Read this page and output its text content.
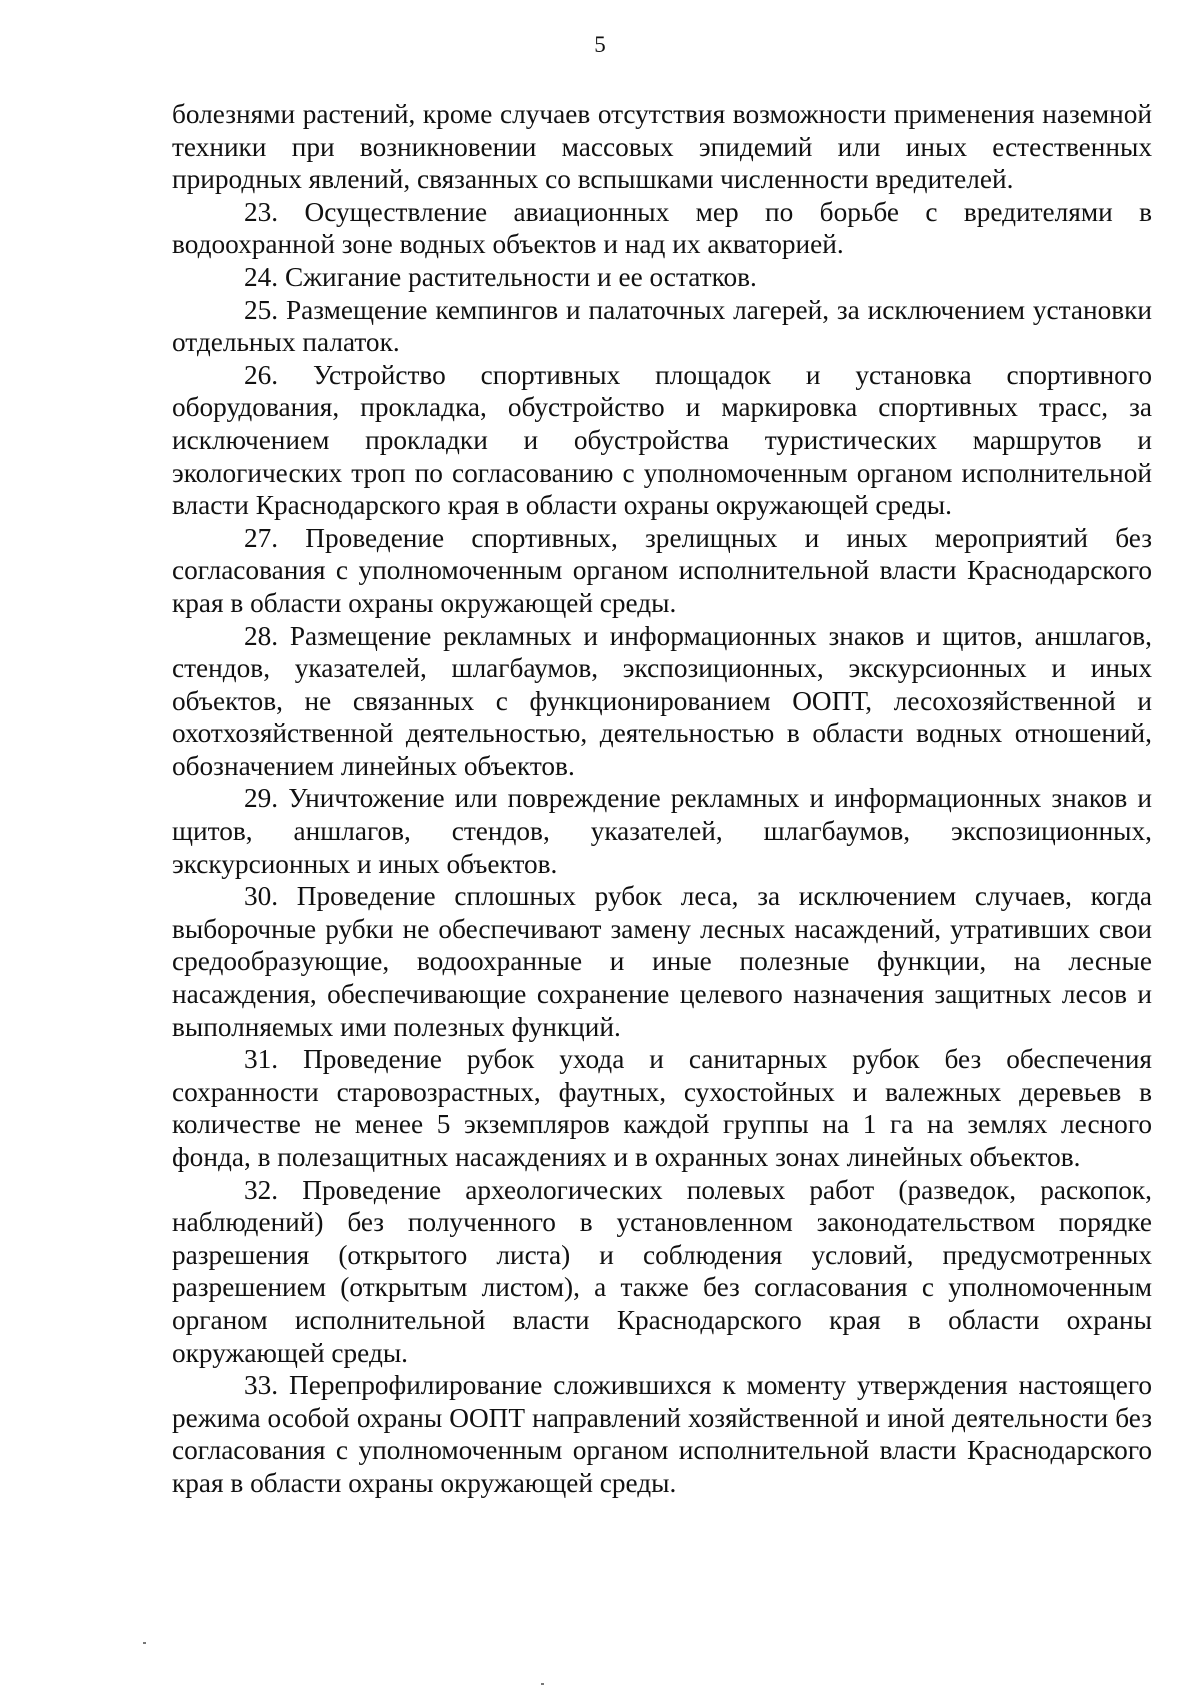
5

болезнями растений, кроме случаев отсутствия возможности применения наземной техники при возникновении массовых эпидемий или иных естественных природных явлений, связанных со вспышками численности вредителей.

23. Осуществление авиационных мер по борьбе с вредителями в водоохранной зоне водных объектов и над их акваторией.

24. Сжигание растительности и ее остатков.

25. Размещение кемпингов и палаточных лагерей, за исключением установки отдельных палаток.

26. Устройство спортивных площадок и установка спортивного оборудования, прокладка, обустройство и маркировка спортивных трасс, за исключением прокладки и обустройства туристических маршрутов и экологических троп по согласованию с уполномоченным органом исполнительной власти Краснодарского края в области охраны окружающей среды.

27. Проведение спортивных, зрелищных и иных мероприятий без согласования с уполномоченным органом исполнительной власти Краснодарского края в области охраны окружающей среды.

28. Размещение рекламных и информационных знаков и щитов, аншлагов, стендов, указателей, шлагбаумов, экспозиционных, экскурсионных и иных объектов, не связанных с функционированием ООПТ, лесохозяйственной и охотхозяйственной деятельностью, деятельностью в области водных отношений, обозначением линейных объектов.

29. Уничтожение или повреждение рекламных и информационных знаков и щитов, аншлагов, стендов, указателей, шлагбаумов, экспозиционных, экскурсионных и иных объектов.

30. Проведение сплошных рубок леса, за исключением случаев, когда выборочные рубки не обеспечивают замену лесных насаждений, утративших свои средообразующие, водоохранные и иные полезные функции, на лесные насаждения, обеспечивающие сохранение целевого назначения защитных лесов и выполняемых ими полезных функций.

31. Проведение рубок ухода и санитарных рубок без обеспечения сохранности старовозрастных, фаутных, сухостойных и валежных деревьев в количестве не менее 5 экземпляров каждой группы на 1 га на землях лесного фонда, в полезащитных насаждениях и в охранных зонах линейных объектов.

32. Проведение археологических полевых работ (разведок, раскопок, наблюдений) без полученного в установленном законодательством порядке разрешения (открытого листа) и соблюдения условий, предусмотренных разрешением (открытым листом), а также без согласования с уполномоченным органом исполнительной власти Краснодарского края в области охраны окружающей среды.

33. Перепрофилирование сложившихся к моменту утверждения настоящего режима особой охраны ООПТ направлений хозяйственной и иной деятельности без согласования с уполномоченным органом исполнительной власти Краснодарского края в области охраны окружающей среды.
